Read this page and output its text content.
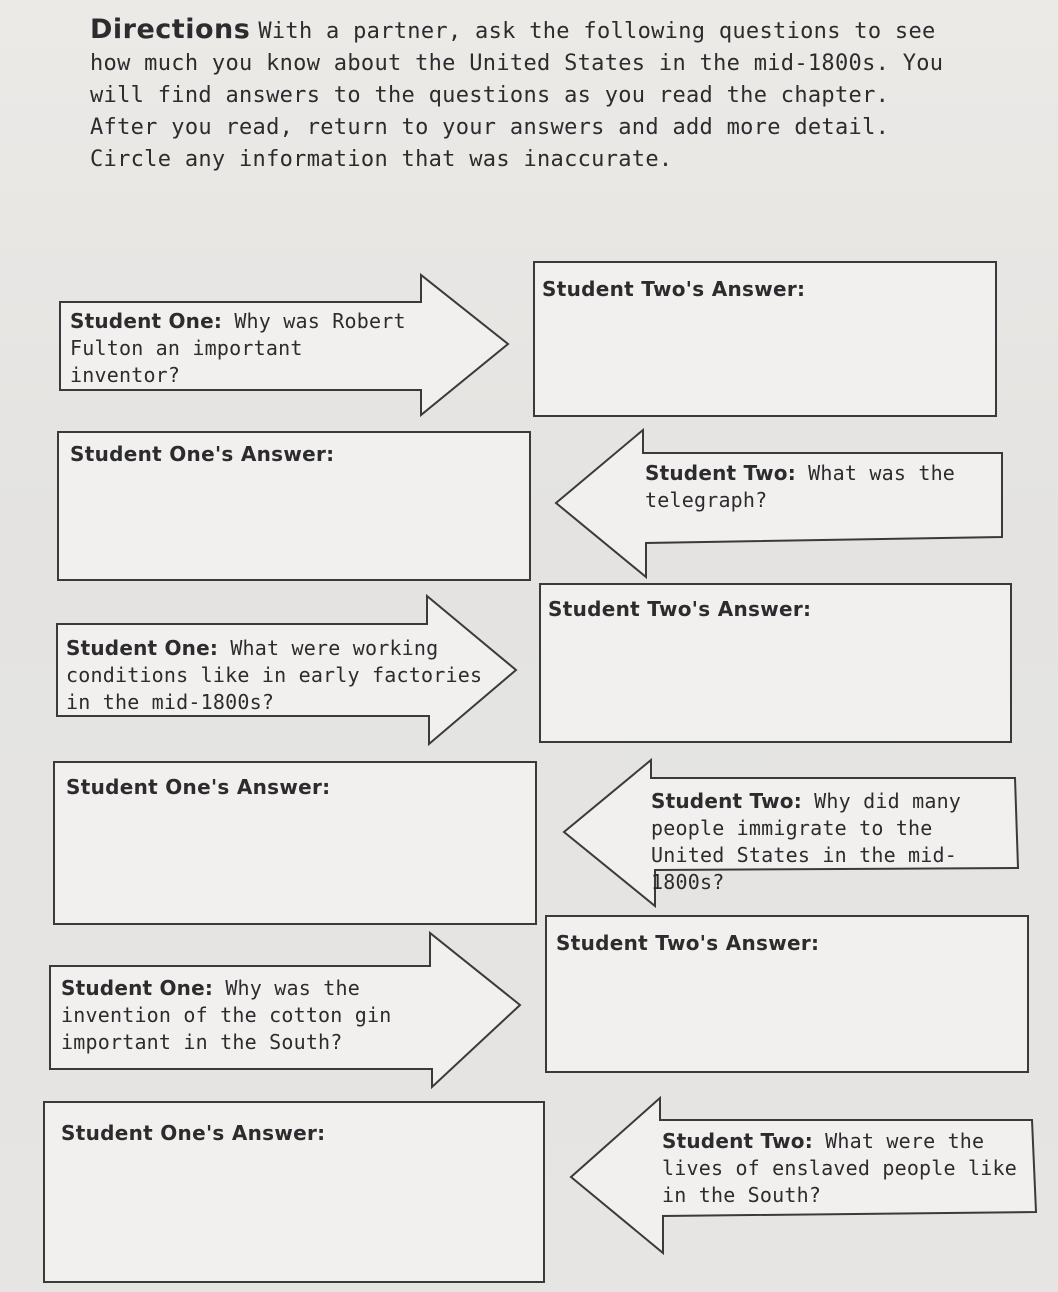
Directions With a partner, ask the following questions to see how much you know about the United States in the mid-1800s. You will find answers to the questions as you read the chapter. After you read, return to your answers and add more detail. Circle any information that was inaccurate.
Student One: Why was Robert Fulton an important inventor?
Student Two's Answer:
Student One's Answer:
Student Two: What was the telegraph?
Student Two's Answer:
Student One: What were working conditions like in early factories in the mid-1800s?
Student One's Answer:
Student Two: Why did many people immigrate to the United States in the mid-1800s?
Student Two's Answer:
Student One: Why was the invention of the cotton gin important in the South?
Student One's Answer:	Student Two: What were the lives of enslaved people like in the South?
